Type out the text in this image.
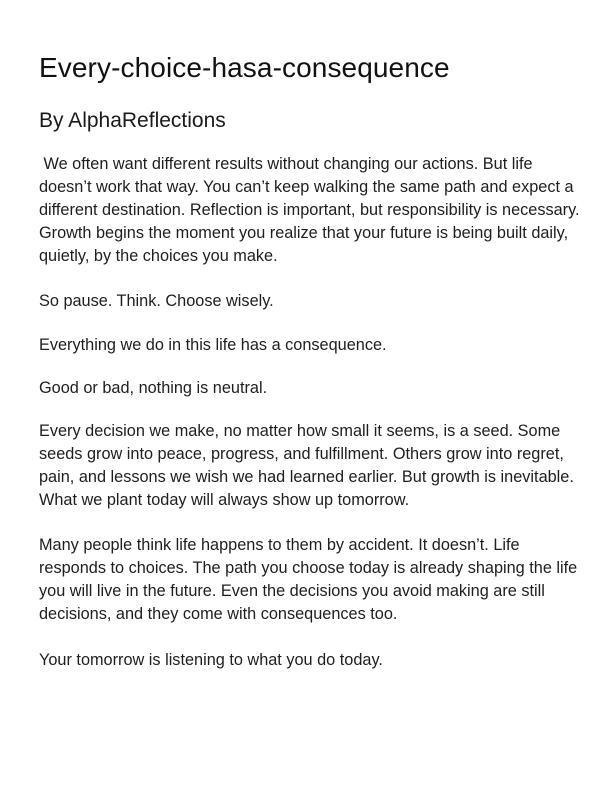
Every-choice-hasa-consequence
By AlphaReflections

We often want different results without changing our actions. But life doesn’t work that way. You can’t keep walking the same path and expect a different destination. Reflection is important, but responsibility is necessary. Growth begins the moment you realize that your future is being built daily, quietly, by the choices you make.

So pause. Think. Choose wisely.

Everything we do in this life has a consequence.

Good or bad, nothing is neutral.

Every decision we make, no matter how small it seems, is a seed. Some seeds grow into peace, progress, and fulfillment. Others grow into regret, pain, and lessons we wish we had learned earlier. But growth is inevitable. What we plant today will always show up tomorrow.

Many people think life happens to them by accident. It doesn’t. Life responds to choices. The path you choose today is already shaping the life you will live in the future. Even the decisions you avoid making are still decisions, and they come with consequences too.

Your tomorrow is listening to what you do today.
